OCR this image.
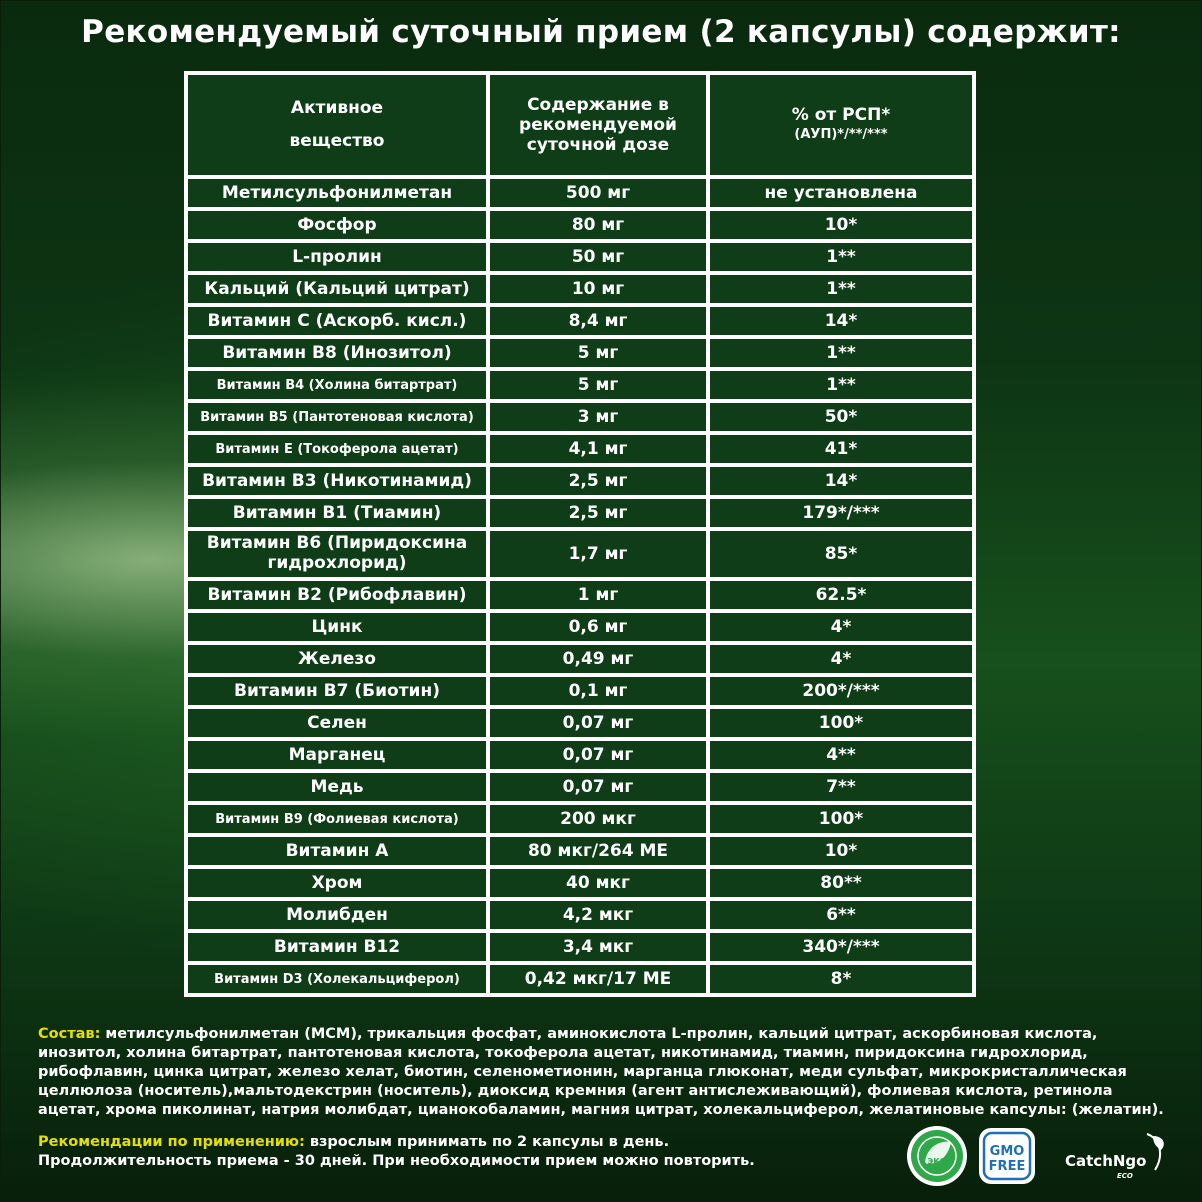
Рекомендуемый суточный прием (2 капсулы) содержит:
Активное вещество	Содержание в рекомендуемой суточной дозе	% от РСП*
(АУП)*/**/***

Метилсульфонилметан	500 мг	не установлена
Фосфор	80 мг	10*
L-пролин	50 мг	1**
Кальций (Кальций цитрат)	10 мг	1**
Витамин С (Аскорб. кисл.)	8,4 мг	14*
Витамин В8 (Инозитол)	5 мг	1**
Витамин В4 (Холина битартрат)	5 мг	1**
Витамин В5 (Пантотеновая кислота)	3 мг	50*
Витамин Е (Токоферола ацетат)	4,1 мг	41*
Витамин В3 (Никотинамид)	2,5 мг	14*
Витамин В1 (Тиамин)	2,5 мг	179*/***
Витамин В6 (Пиридоксина гидрохлорид)	1,7 мг	85*
Витамин В2 (Рибофлавин)	1 мг	62.5*
Цинк	0,6 мг	4*
Железо	0,49 мг	4*
Витамин В7 (Биотин)	0,1 мг	200*/***
Селен	0,07 мг	100*
Марганец	0,07 мг	4**
Медь	0,07 мг	7**
Витамин В9 (Фолиевая кислота)	200 мкг	100*
Витамин А	80 мкг/264 МЕ	10*
Хром	40 мкг	80**
Молибден	4,2 мкг	6**
Витамин В12	3,4 мкг	340*/***
Витамин D3 (Холекальциферол)	0,42 мкг/17 МЕ	8*
Состав: метилсульфонилметан (МСМ), трикальция фосфат, аминокислота L-пролин, кальций цитрат, аскорбиновая кислота, инозитол, холина битартрат, пантотеновая кислота, токоферола ацетат, никотинамид, тиамин, пиридоксина гидрохлорид, рибофлавин, цинка цитрат, железо хелат, биотин, селенометионин, марганца глюконат, меди сульфат, микрокристаллическая целлюлоза (носитель),мальтодекстрин (носитель), диоксид кремния (агент антислеживающий), фолиевая кислота, ретинола ацетат, хрома пиколинат, натрия молибдат, цианокобаламин, магния цитрат, холекальциферол, желатиновые капсулы: (желатин).
Рекомендации по применению: взрослым принимать по 2 капсулы в день.
Продолжительность приема - 30 дней. При необходимости прием можно повторить.	ЭКО
GMO
FREE	CatchNgo
ECO
